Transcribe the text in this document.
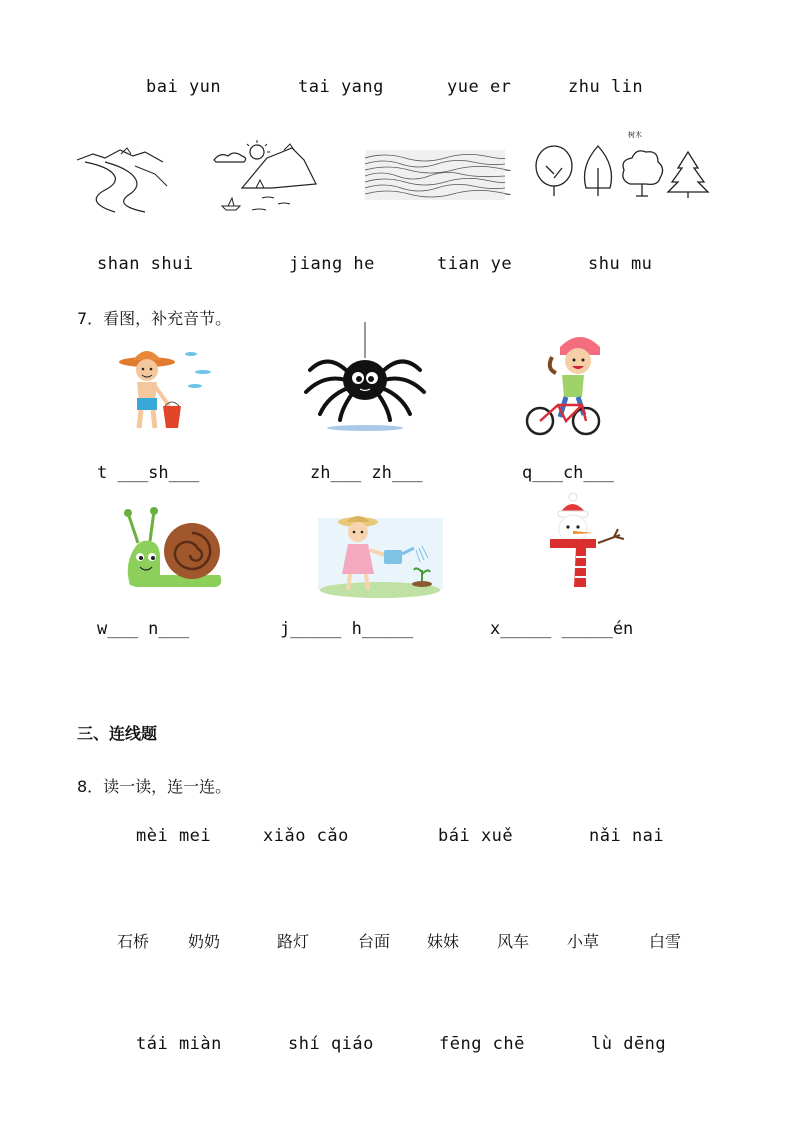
bai yun	tai yang	yue er	zhu lin
树木
shan shui	jiang he	tian ye	shu mu
7．看图，补充音节。
t ___sh___	zh___ zh___	q___ch___
w___ n___	j_____ h_____	x_____ _____én
三、连线题
8．读一读，连一连。
mèi mei	xiǎo cǎo	bái xuě	nǎi nai
石桥 奶奶	路灯	台面 妹妹 风车 小草	白雪
tái miàn	shí qiáo	fēng chē	lù dēng
